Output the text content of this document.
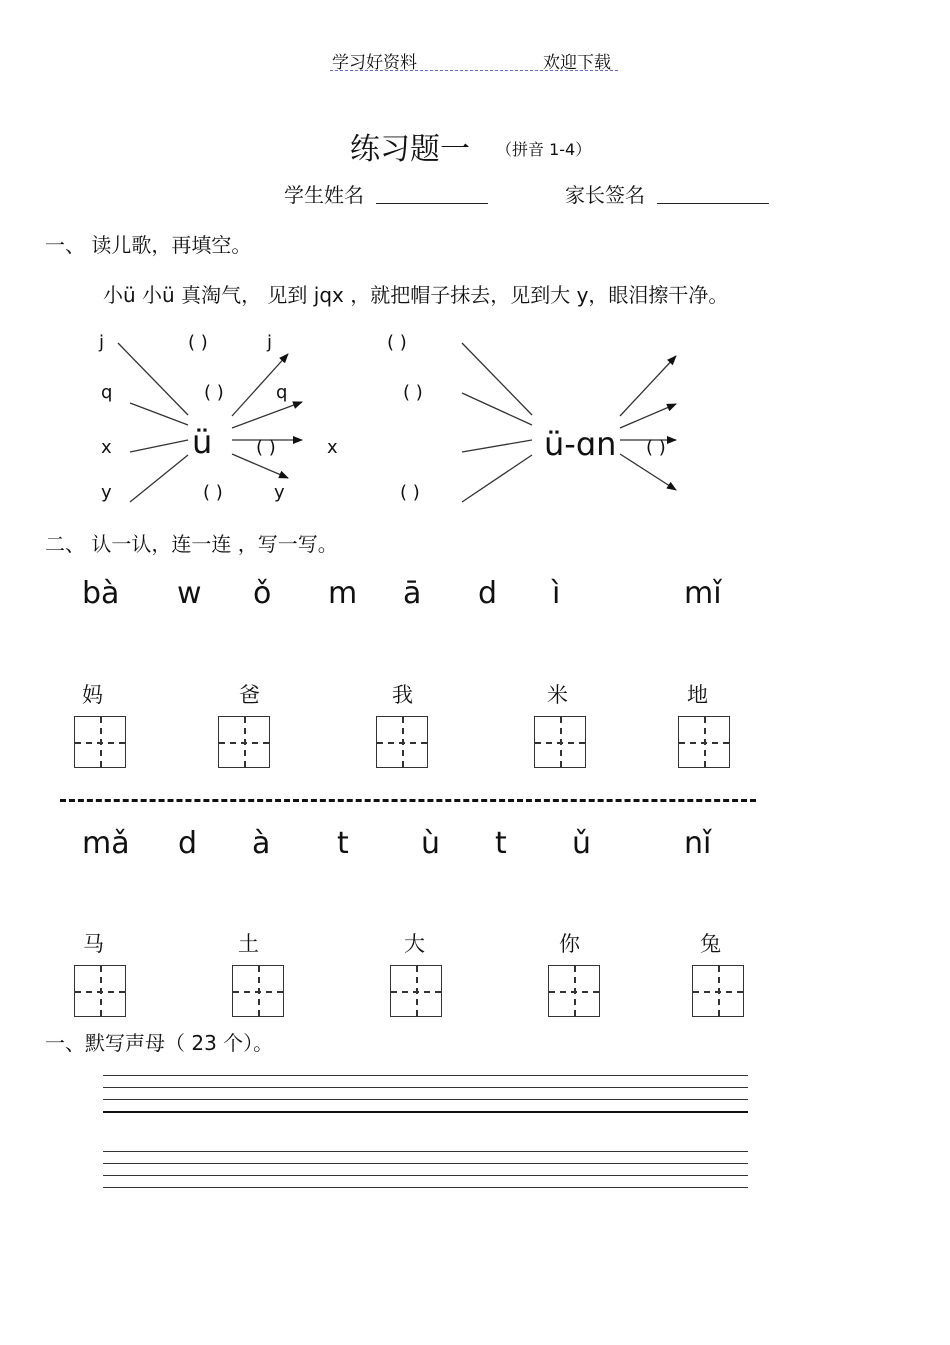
学习好资料	欢迎下载
练习题一 （拼音 1-4）
学生姓名	家长签名
一、 读儿歌，再填空。
小ü 小ü 真淘气， 见到 jqx ，就把帽子抹去，见到大 y，眼泪擦干净。
j
q
x
y
ü
( )	j
( )	q
( )	x
( )	y
( )
( )
( )
ü-ɑn ( )
二、 认一认，连一连 ，写一写。
bà w ǒ m ā d ì	mǐ
妈	爸	我	米	地
mǎ d à t ù t ǔ	nǐ
马	土	大	你	兔
一、默写声母（ 23 个）。
